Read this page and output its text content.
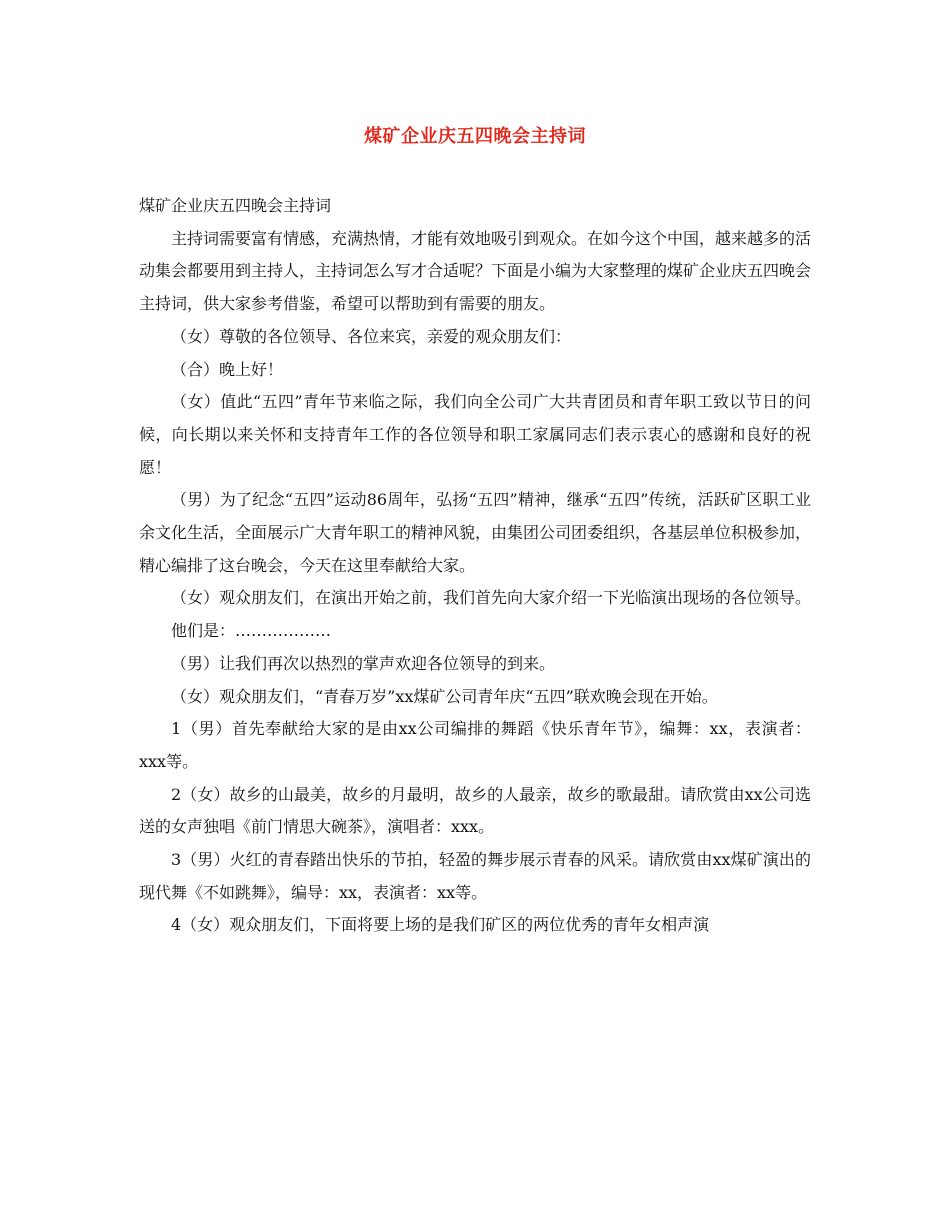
煤矿企业庆五四晚会主持词

煤矿企业庆五四晚会主持词

主持词需要富有情感，充满热情，才能有效地吸引到观众。在如今这个中国，越来越多的活动集会都要用到主持人，主持词怎么写才合适呢？下面是小编为大家整理的煤矿企业庆五四晚会主持词，供大家参考借鉴，希望可以帮助到有需要的朋友。

（女）尊敬的各位领导、各位来宾，亲爱的观众朋友们：

（合）晚上好！

（女）值此“五四”青年节来临之际，我们向全公司广大共青团员和青年职工致以节日的问候，向长期以来关怀和支持青年工作的各位领导和职工家属同志们表示衷心的感谢和良好的祝愿！

（男）为了纪念“五四”运动86周年，弘扬“五四”精神，继承“五四”传统，活跃矿区职工业余文化生活，全面展示广大青年职工的精神风貌，由集团公司团委组织，各基层单位积极参加，精心编排了这台晚会，今天在这里奉献给大家。

（女）观众朋友们，在演出开始之前，我们首先向大家介绍一下光临演出现场的各位领导。

他们是：………………

（男）让我们再次以热烈的掌声欢迎各位领导的到来。

（女）观众朋友们，“青春万岁”xx煤矿公司青年庆“五四”联欢晚会现在开始。

1（男）首先奉献给大家的是由xx公司编排的舞蹈《快乐青年节》，编舞：xx，表演者：xxx等。

2（女）故乡的山最美，故乡的月最明，故乡的人最亲，故乡的歌最甜。请欣赏由xx公司选送的女声独唱《前门情思大碗茶》，演唱者：xxx。

3（男）火红的青春踏出快乐的节拍，轻盈的舞步展示青春的风采。请欣赏由xx煤矿演出的现代舞《不如跳舞》，编导：xx，表演者：xx等。

4（女）观众朋友们，下面将要上场的是我们矿区的两位优秀的青年女相声演
